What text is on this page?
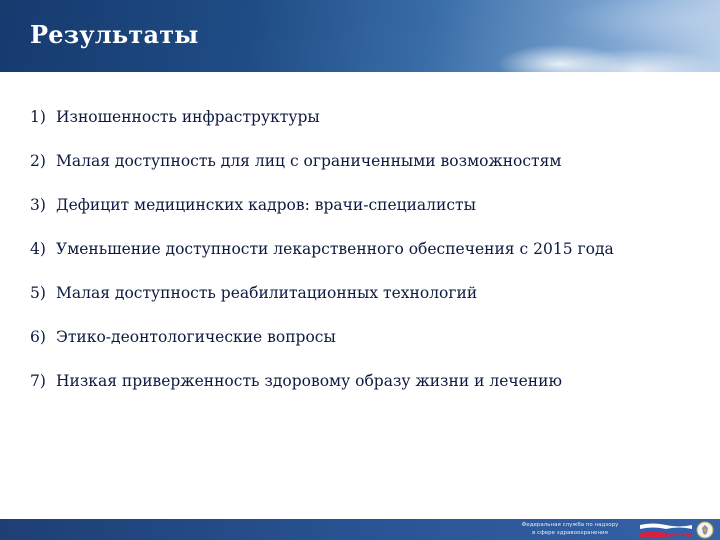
Результаты
1) Изношенность инфраструктуры
2) Малая доступность для лиц с ограниченными возможностям
3) Дефицит медицинских кадров: врачи-специалисты
4) Уменьшение доступности лекарственного обеспечения с 2015 года
5) Малая доступность реабилитационных технологий
6) Этико-деонтологические вопросы
7) Низкая приверженность здоровому образу жизни и лечению
Федеральная служба по надзору
в сфере здравоохранения
